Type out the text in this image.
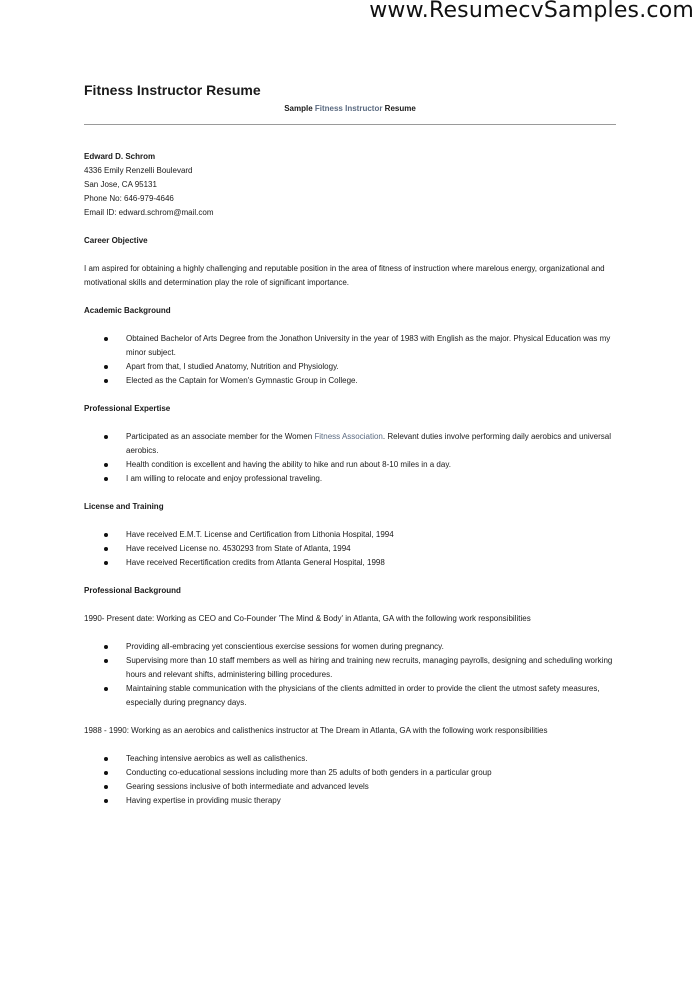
www.ResumecvSamples.com
Fitness Instructor Resume
Sample Fitness Instructor Resume
Edward D. Schrom
4336 Emily Renzelli Boulevard
San Jose, CA 95131
Phone No: 646-979-4646
Email ID: edward.schrom@mail.com
Career Objective

I am aspired for obtaining a highly challenging and reputable position in the area of fitness of instruction where marelous energy, organizational and motivational skills and determination play the role of significant importance.

Academic Background
Obtained Bachelor of Arts Degree from the Jonathon University in the year of 1983 with English as the major. Physical Education was my minor subject.
Apart from that, I studied Anatomy, Nutrition and Physiology.
Elected as the Captain for Women's Gymnastic Group in College.
Professional Expertise
Participated as an associate member for the Women Fitness Association. Relevant duties involve performing daily aerobics and universal aerobics.
Health condition is excellent and having the ability to hike and run about 8-10 miles in a day.
I am willing to relocate and enjoy professional traveling.
License and Training
Have received E.M.T. License and Certification from Lithonia Hospital, 1994
Have received License no. 4530293 from State of Atlanta, 1994
Have received Recertification credits from Atlanta General Hospital, 1998
Professional Background

1990- Present date: Working as CEO and Co-Founder 'The Mind & Body' in Atlanta, GA with the following work responsibilities

Providing all-embracing yet conscientious exercise sessions for women during pregnancy.
Supervising more than 10 staff members as well as hiring and training new recruits, managing payrolls, designing and scheduling working hours and relevant shifts, administering billing procedures.
Maintaining stable communication with the physicians of the clients admitted in order to provide the client the utmost safety measures, especially during pregnancy days.

1988 - 1990: Working as an aerobics and calisthenics instructor at The Dream in Atlanta, GA with the following work responsibilities

Teaching intensive aerobics as well as calisthenics.
Conducting co-educational sessions including more than 25 adults of both genders in a particular group
Gearing sessions inclusive of both intermediate and advanced levels
Having expertise in providing music therapy
